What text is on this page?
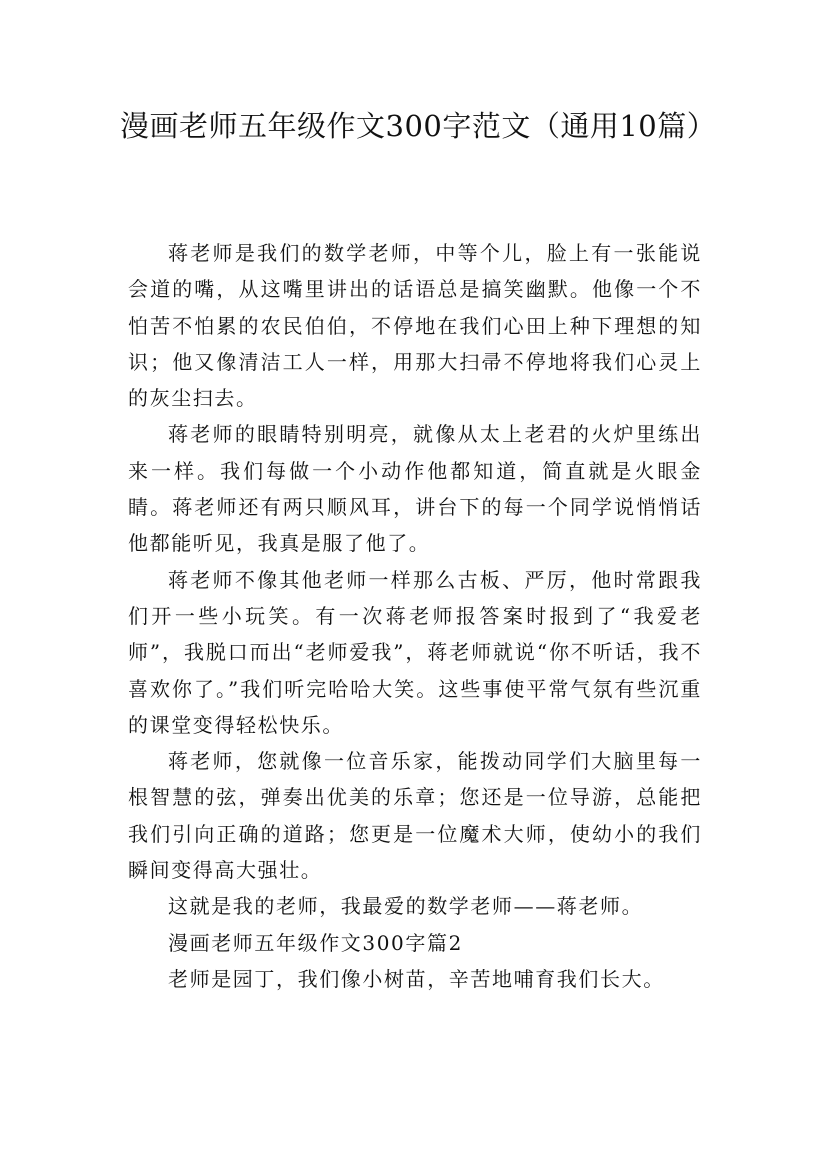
漫画老师五年级作文300字范文（通用10篇）

蒋老师是我们的数学老师，中等个儿，脸上有一张能说会道的嘴，从这嘴里讲出的话语总是搞笑幽默。他像一个不怕苦不怕累的农民伯伯，不停地在我们心田上种下理想的知识；他又像清洁工人一样，用那大扫帚不停地将我们心灵上的灰尘扫去。

蒋老师的眼睛特别明亮，就像从太上老君的火炉里练出来一样。我们每做一个小动作他都知道，简直就是火眼金睛。蒋老师还有两只顺风耳，讲台下的每一个同学说悄悄话他都能听见，我真是服了他了。

蒋老师不像其他老师一样那么古板、严厉，他时常跟我们开一些小玩笑。有一次蒋老师报答案时报到了“我爱老师”，我脱口而出“老师爱我”，蒋老师就说“你不听话，我不喜欢你了。”我们听完哈哈大笑。这些事使平常气氛有些沉重的课堂变得轻松快乐。

蒋老师，您就像一位音乐家，能拨动同学们大脑里每一根智慧的弦，弹奏出优美的乐章；您还是一位导游，总能把我们引向正确的道路；您更是一位魔术大师，使幼小的我们瞬间变得高大强壮。

这就是我的老师，我最爱的数学老师——蒋老师。

漫画老师五年级作文300字篇2

老师是园丁，我们像小树苗，辛苦地哺育我们长大。
